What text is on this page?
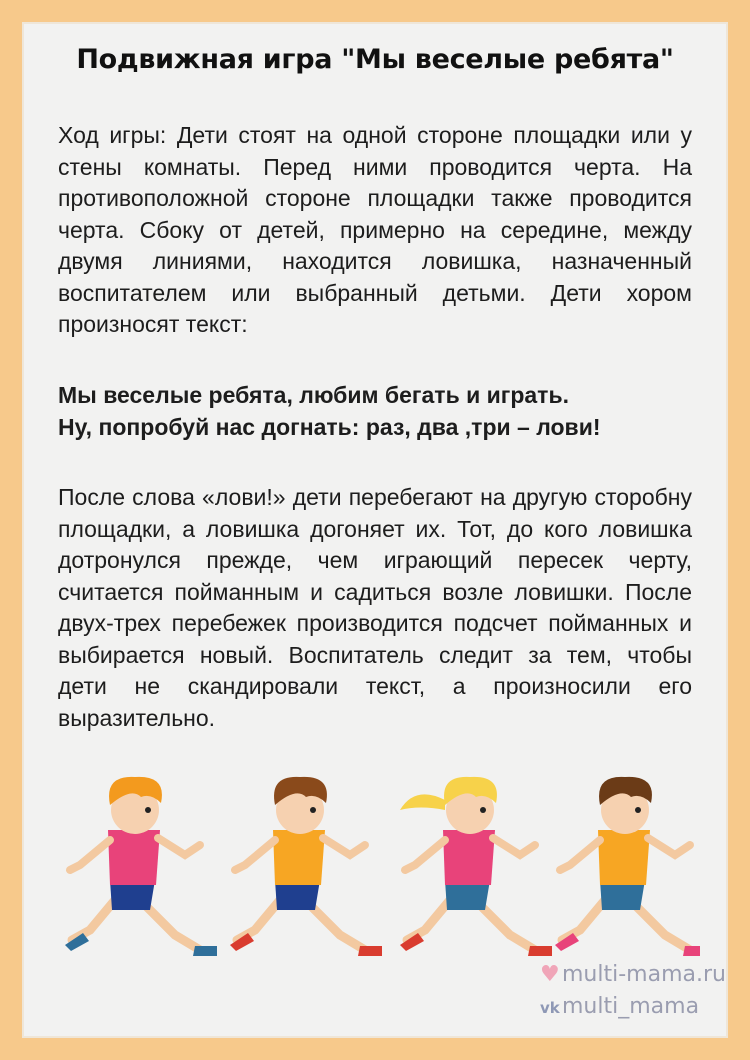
Подвижная игра "Мы веселые ребята"
Ход игры: Дети стоят на одной стороне площадки или у стены комнаты. Перед ними проводится черта. На противоположной стороне площадки также проводится черта. Сбоку от детей, примерно на середине, между двумя линиями, находится ловишка, назначенный воспитателем или выбранный детьми. Дети хором произносят текст:
Мы веселые ребята, любим бегать и играть.
Ну, попробуй нас догнать: раз, два ,три – лови!
После слова «лови!» дети перебегают на другую сторобну площадки, а ловишка догоняет их. Тот, до кого ловишка дотронулся прежде, чем играющий пересек черту, считается пойманным и садиться возле ловишки. После двух-трех перебежек производится подсчет пойманных и выбирается новый. Воспитатель следит за тем, чтобы дети не скандировали текст, а произносили его выразительно.
♥ multi-mama.ru
vk multi_mama
